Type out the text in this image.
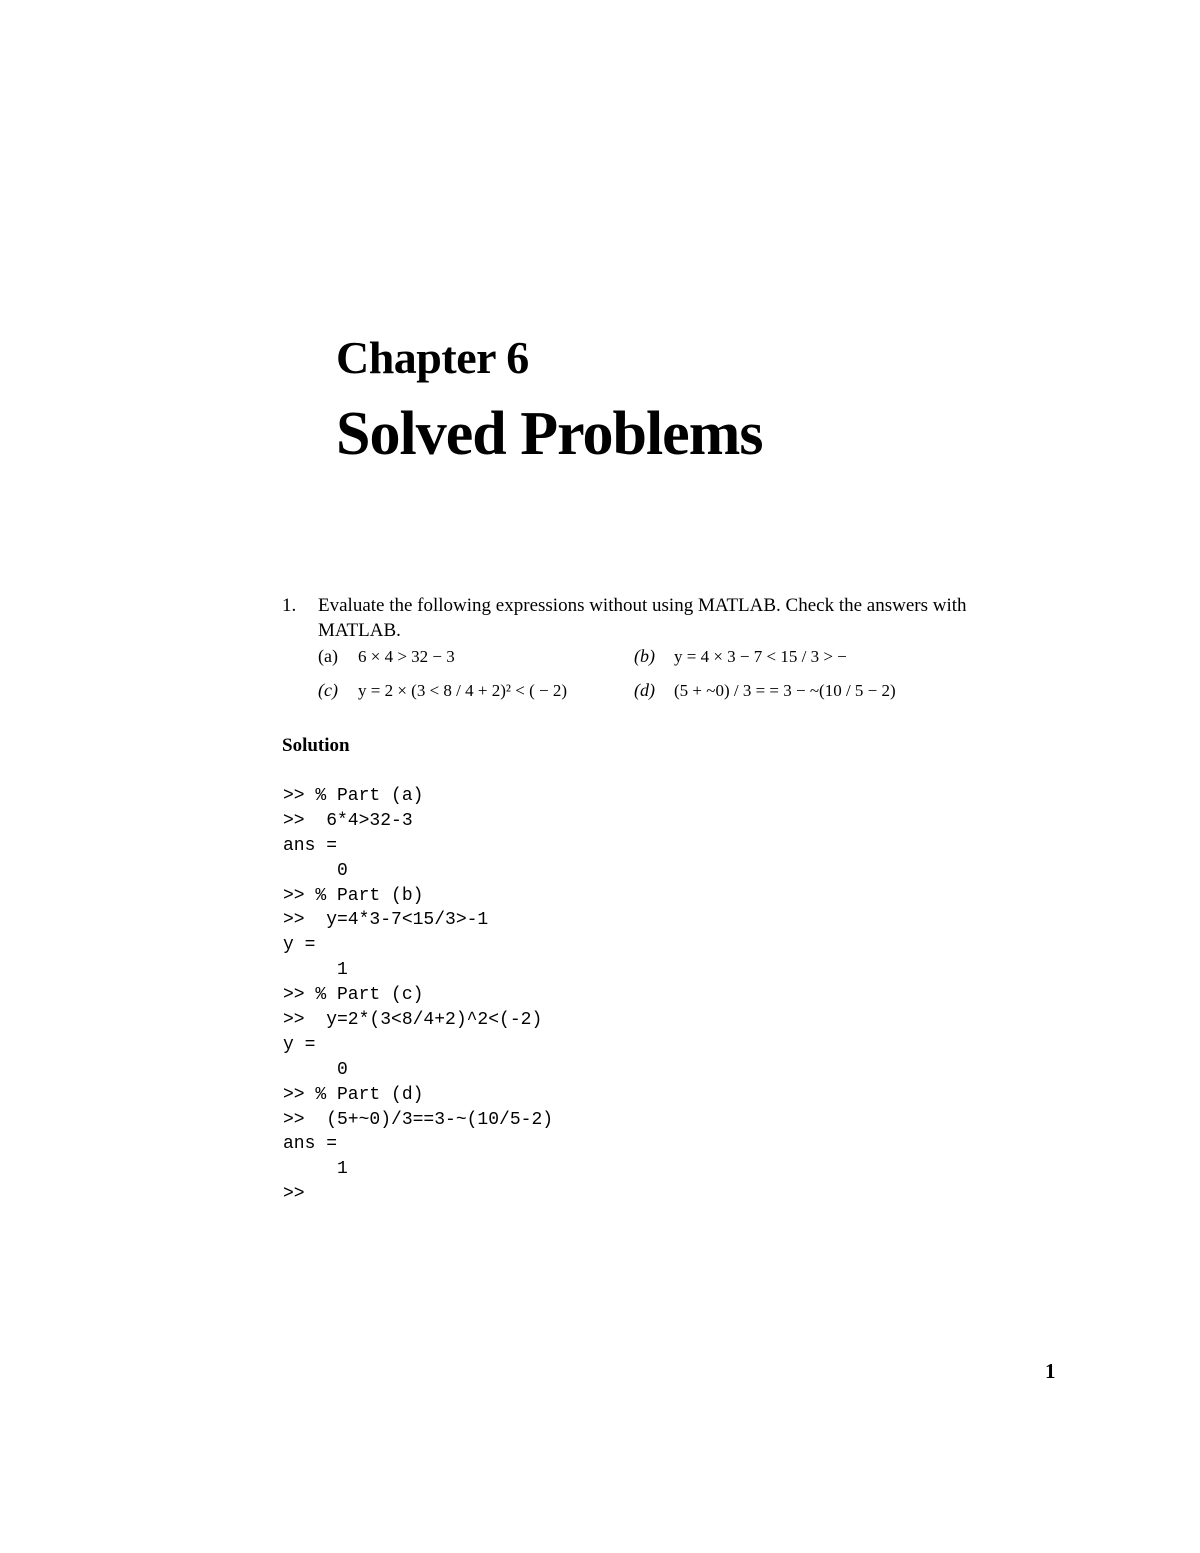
Chapter 6
Solved Problems
1. Evaluate the following expressions without using MATLAB. Check the answers with MATLAB.
(a) 6 × 4 > 32 − 3	(b) y = 4 × 3 − 7 < 15 / 3 > −
(c) y = 2 × (3 < 8 / 4 + 2)² < ( − 2)	(d) (5 + ~0) / 3 = = 3 − ~(10 / 5 − 2)
Solution
>> % Part (a)
>>  6*4>32-3
ans =
0
>> % Part (b)
>>  y=4*3-7<15/3>-1
y =
1
>> % Part (c)
>>  y=2*(3<8/4+2)^2<(-2)
y =
0
>> % Part (d)
>>  (5+~0)/3==3-~(10/5-2)
ans =
1
>>
1
